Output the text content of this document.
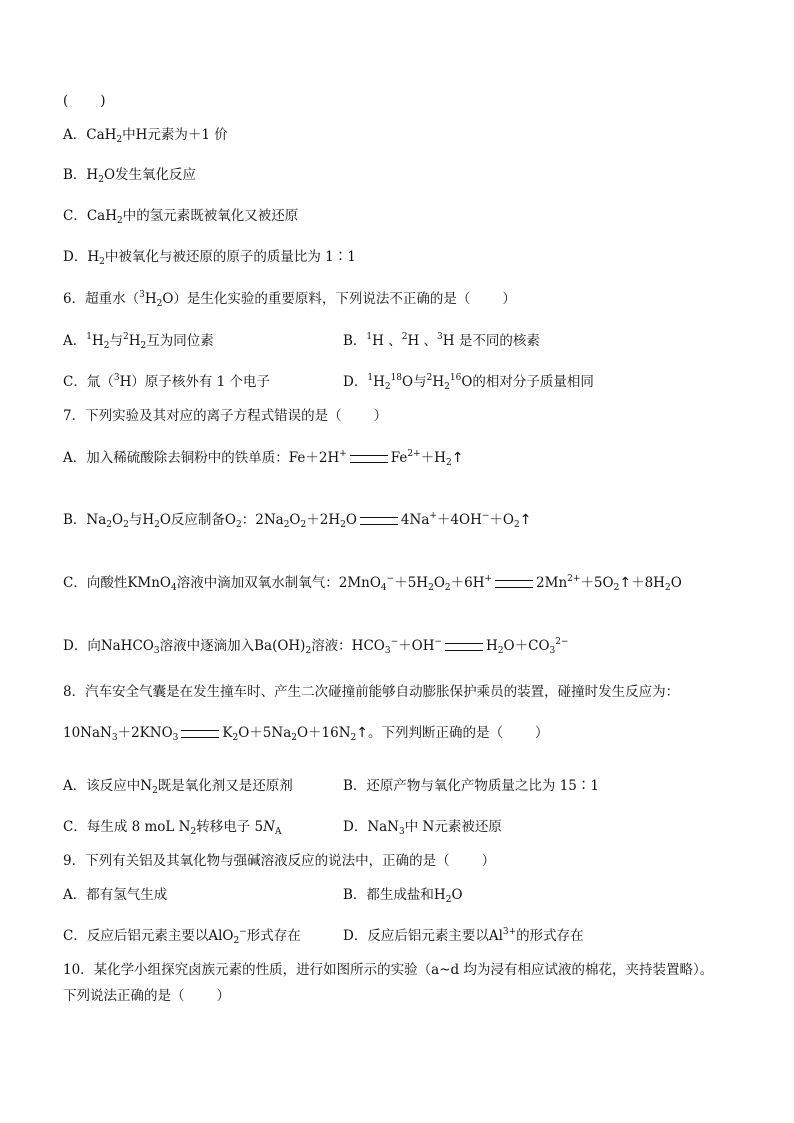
( )
A．CaH$_2$中H元素为＋1 价
B．$H_2O$发生氧化反应
C．CaH$_2$中的氢元素既被氧化又被还原
D．$H_2$中被氧化与被还原的原子的质量比为 1∶1
6．超重水$(^3H_2O)$是生化实验的重要原料，下列说法不正确的是（ ）
A．$^1H_2$与$^2H_2$互为同位素	B．$^1$H 、$^2$H 、$^3$H 是不同的核素
C．氚（$^3$H）原子核外有 1 个电子	D．$^1H_2^{18}O$与$^2H_2^{16}O$的相对分子质量相同
7．下列实验及其对应的离子方程式错误的是（ ）
A．加入稀硫酸除去铜粉中的铁单质：Fe＋2H+	$Fe^{2+}+H_2↑$
B．$Na_2O_2$与$H_2O$反应制备$O_2$：$2Na_2O_2+2H_2O$	$4Na^++4OH^-+O_2↑$
C．向酸性KMnO$_4$溶液中滴加双氧水制氧气：$2MnO_4^-+5H_2O_2+6H^+$	$2Mn^{2+}+5O_2↑+8H_2O$
D．向NaHCO$_3$溶液中逐滴加入$Ba(OH)_2$溶液：$HCO_3^-+OH^-$	$H_2O+CO_3^{2-}$
8．汽车安全气囊是在发生撞车时、产生二次碰撞前能够自动膨胀保护乘员的装置，碰撞时发生反应为：
$10NaN_3+2KNO_3$	$K_2O+5Na_2O+16N_2↑$。下列判断正确的是（ ）
A．该反应中$N_2$既是氧化剂又是还原剂	B．还原产物与氧化产物质量之比为 15∶1
C．每生成 8 moL $N_2$转移电子 $5N_A$	D．NaN$_3$中 N元素被还原
9．下列有关铝及其氧化物与强碱溶液反应的说法中，正确的是（ ）
A．都有氢气生成	B．都生成盐和$H_2O$
C．反应后铝元素主要以AlO$_2$−形式存在	D．反应后铝元素主要以$Al^{3+}$的形式存在
10．某化学小组探究卤族元素的性质，进行如图所示的实验（a~d 均为浸有相应试液的棉花，夹持装置略）。
下列说法正确的是（ ）
